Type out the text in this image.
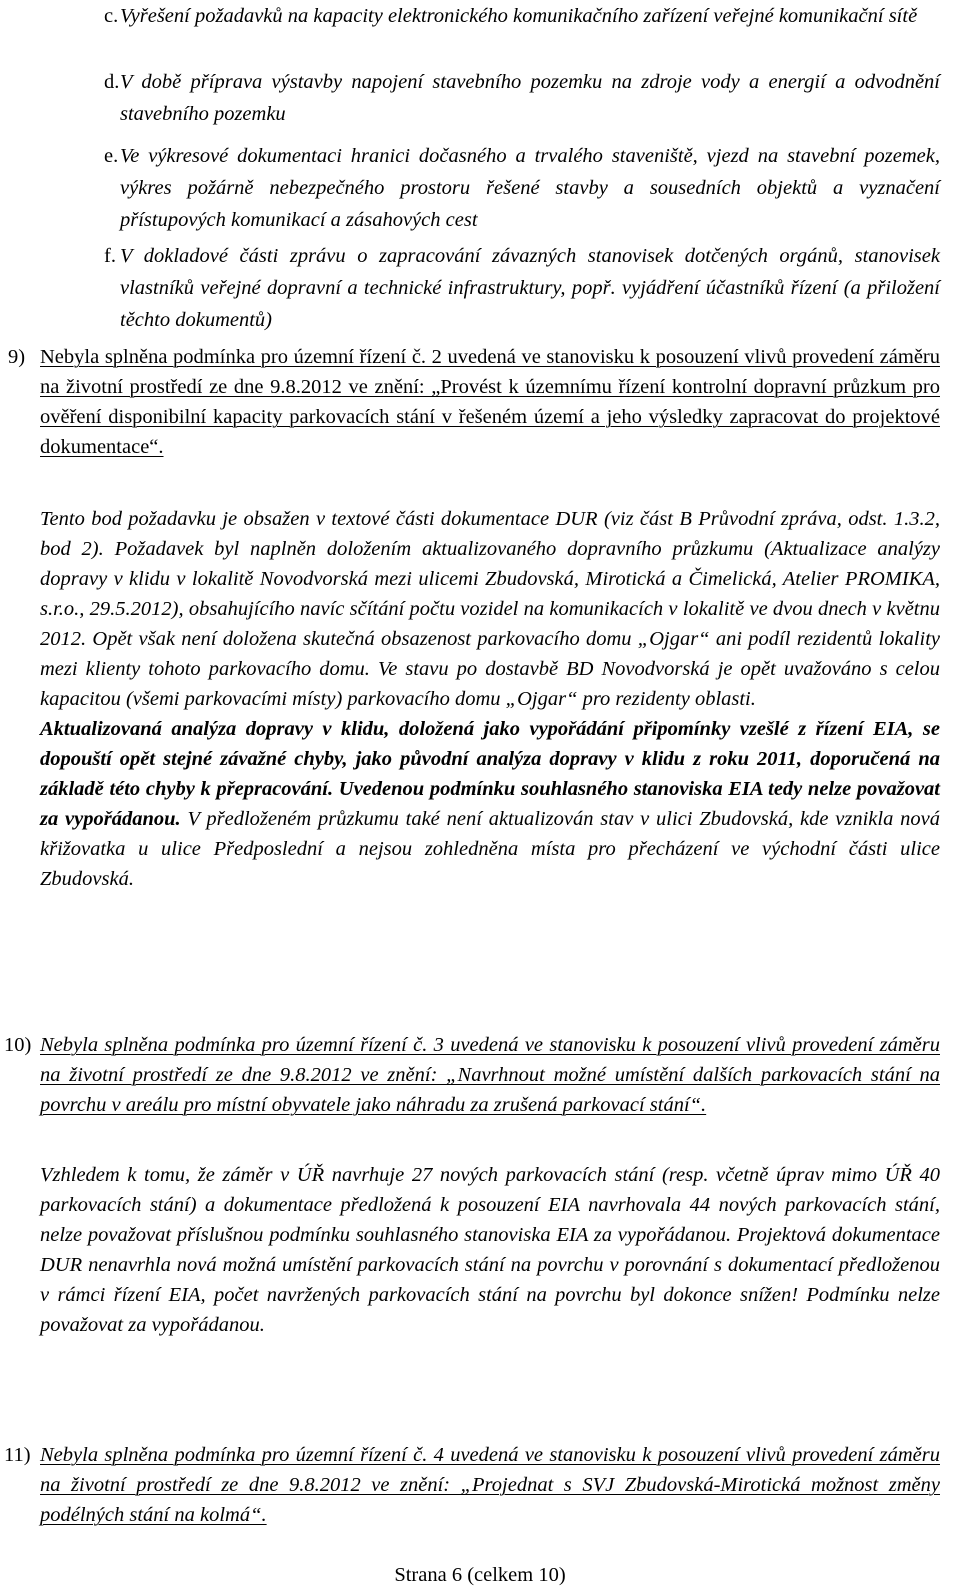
c. Vyřešení požadavků na kapacity elektronického komunikačního zařízení veřejné komunikační sítě

d. V době příprava výstavby napojení stavebního pozemku na zdroje vody a energií a odvodnění stavebního pozemku

e. Ve výkresové dokumentaci hranici dočasného a trvalého staveniště, vjezd na stavební pozemek, výkres požárně nebezpečného prostoru řešené stavby a sousedních objektů a vyznačení přístupových komunikací a zásahových cest

f. V dokladové části zprávu o zapracování závazných stanovisek dotčených orgánů, stanovisek vlastníků veřejné dopravní a technické infrastruktury, popř. vyjádření účastníků řízení (a přiložení těchto dokumentů)

9) Nebyla splněna podmínka pro územní řízení č. 2 uvedená ve stanovisku k posouzení vlivů provedení záměru na životní prostředí ze dne 9.8.2012 ve znění: „Provést k územnímu řízení kontrolní dopravní průzkum pro ověření disponibilní kapacity parkovacích stání v řešeném území a jeho výsledky zapracovat do projektové dokumentace“.

Tento bod požadavku je obsažen v textové části dokumentace DUR (viz část B Průvodní zpráva, odst. 1.3.2, bod 2). Požadavek byl naplněn doložením aktualizovaného dopravního průzkumu (Aktualizace analýzy dopravy v klidu v lokalitě Novodvorská mezi ulicemi Zbudovská, Mirotická a Čimelická, Atelier PROMIKA, s.r.o., 29.5.2012), obsahujícího navíc sčítání počtu vozidel na komunikacích v lokalitě ve dvou dnech v květnu 2012. Opět však není doložena skutečná obsazenost parkovacího domu „Ojgar“ ani podíl rezidentů lokality mezi klienty tohoto parkovacího domu. Ve stavu po dostavbě BD Novodvorská je opět uvažováno s celou kapacitou (všemi parkovacími místy) parkovacího domu „Ojgar“ pro rezidenty oblasti.

Aktualizovaná analýza dopravy v klidu, doložená jako vypořádání připomínky vzešlé z řízení EIA, se dopouští opět stejné závažné chyby, jako původní analýza dopravy v klidu z roku 2011, doporučená na základě této chyby k přepracování. Uvedenou podmínku souhlasného stanoviska EIA tedy nelze považovat za vypořádanou. V předloženém průzkumu také není aktualizován stav v ulici Zbudovská, kde vznikla nová křižovatka u ulice Předposlední a nejsou zohledněna místa pro přecházení ve východní části ulice Zbudovská.

10) Nebyla splněna podmínka pro územní řízení č. 3 uvedená ve stanovisku k posouzení vlivů provedení záměru na životní prostředí ze dne 9.8.2012 ve znění: „Navrhnout možné umístění dalších parkovacích stání na povrchu v areálu pro místní obyvatele jako náhradu za zrušená parkovací stání“.

Vzhledem k tomu, že záměr v ÚŘ navrhuje 27 nových parkovacích stání (resp. včetně úprav mimo ÚŘ 40 parkovacích stání) a dokumentace předložená k posouzení EIA navrhovala 44 nových parkovacích stání, nelze považovat příslušnou podmínku souhlasného stanoviska EIA za vypořádanou. Projektová dokumentace DUR nenavrhla nová možná umístění parkovacích stání na povrchu v porovnání s dokumentací předloženou v rámci řízení EIA, počet navržených parkovacích stání na povrchu byl dokonce snížen! Podmínku nelze považovat za vypořádanou.

11) Nebyla splněna podmínka pro územní řízení č. 4 uvedená ve stanovisku k posouzení vlivů provedení záměru na životní prostředí ze dne 9.8.2012 ve znění: „Projednat s SVJ Zbudovská-Mirotická možnost změny podélných stání na kolmá“.

Strana 6 (celkem 10)
